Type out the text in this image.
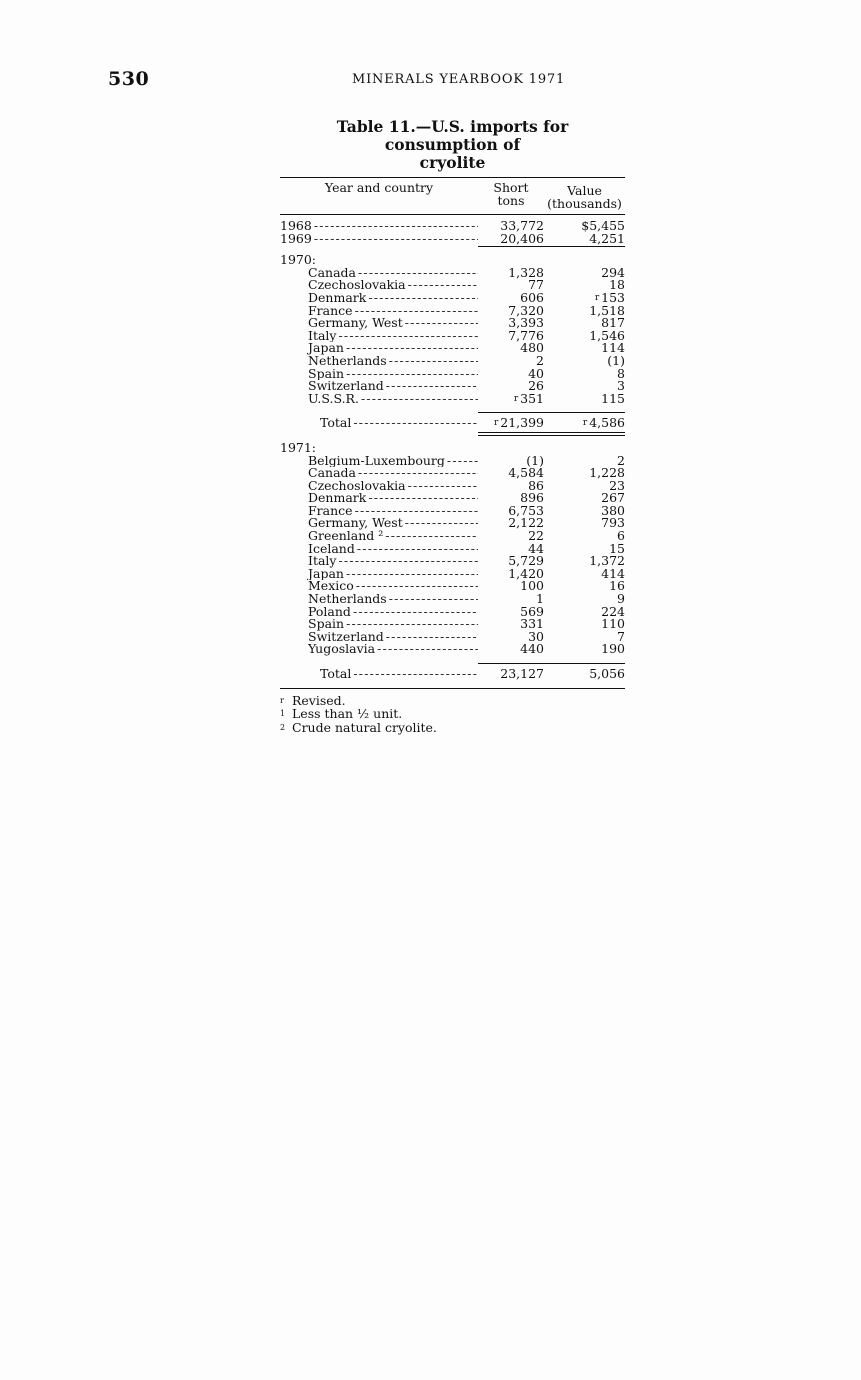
530	MINERALS YEARBOOK 1971
Table 11.—U.S. imports for consumption of
cryolite
Year and country	Short
tons
Value
(thousands)
1968 -----	33,772	$5,455
1969 -----	20,406	4,251
1970:
Canada -----	1,328	294
Czechoslovakia -----	77	18
Denmark -----	606	r 153
France -----	7,320	1,518
Germany, West -----	3,393	817
Italy -----	7,776	1,546
Japan -----	480	114
Netherlands -----	2	(1)
Spain -----	40	8
Switzerland -----	26	3
U.S.S.R. -----	r 351	115
Total -----	r 21,399	r 4,586
1971:
Belgium-Luxembourg -----	(1)	2
Canada -----	4,584	1,228
Czechoslovakia -----	86	23
Denmark -----	896	267
France -----	6,753	380
Germany, West -----	2,122	793
Greenland ² -----	22	6
Iceland -----	44	15
Italy -----	5,729	1,372
Japan -----	1,420	414
Mexico -----	100	16
Netherlands -----	1	9
Poland -----	569	224
Spain -----	331	110
Switzerland -----	30	7
Yugoslavia -----	440	190
Total -----	23,127	5,056
r Revised.
1 Less than ½ unit.
2 Crude natural cryolite.
